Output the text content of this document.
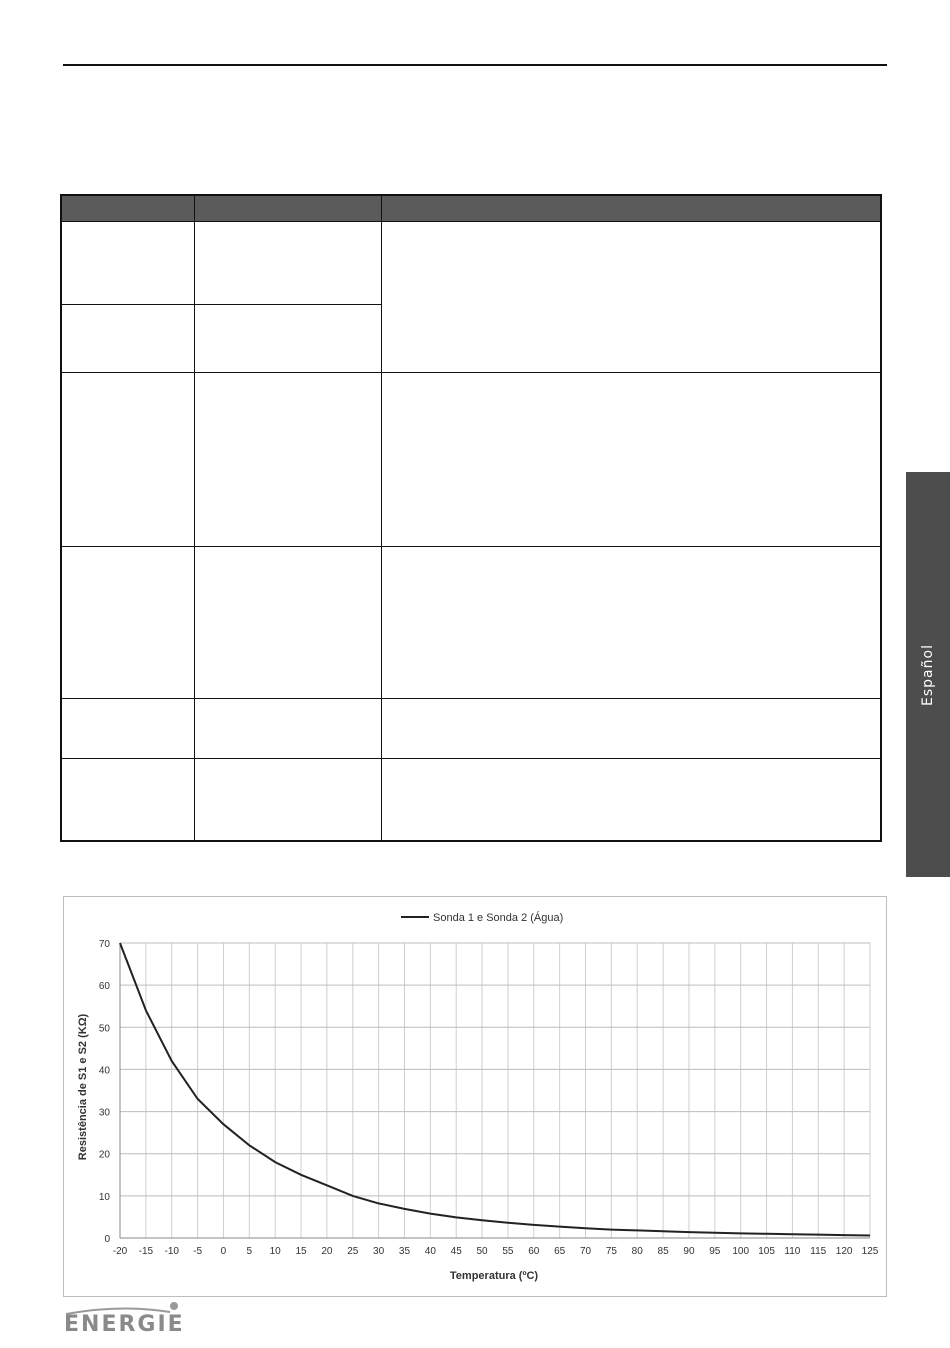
Español
-20 -15 -10 -5 0 5 10 15 20 25 30 35 40 45 50 55 60 65 70 75 80 85 90 95 100 105 110 115 120 125
0
10
20
30
40
50
60
70
Sonda 1 e Sonda 2 (Água)
Temperatura (ºC)
Resistência de S1 e S2 (KΩ)
ENERGIE
